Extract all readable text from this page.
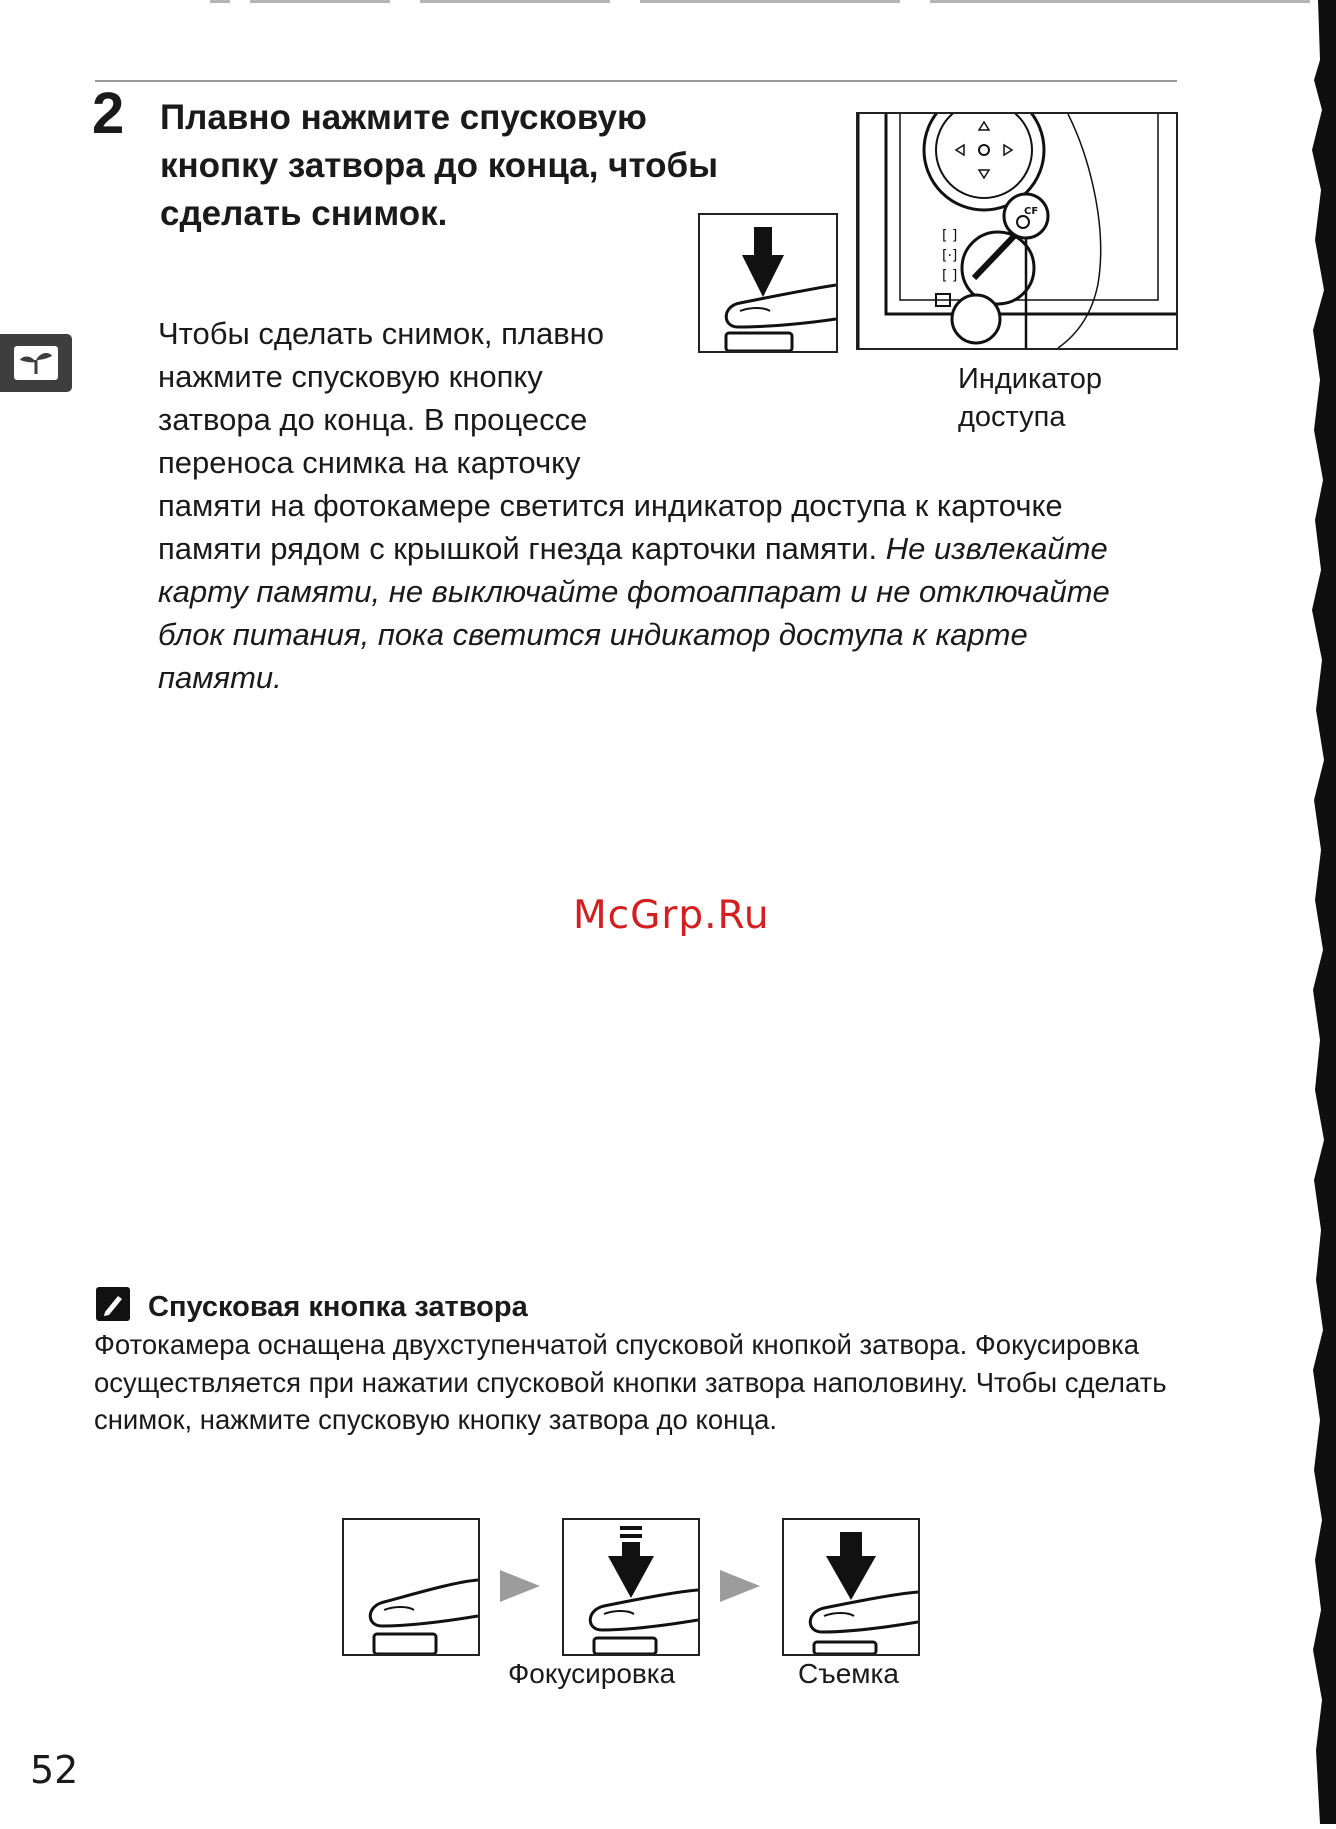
2 Плавно нажмите спусковую кнопку затвора до конца, чтобы сделать снимок.

Чтобы сделать снимок, плавно
нажмите спусковую кнопку
затвора до конца. В процессе
переноса снимка на карточку
памяти на фотокамере светится индикатор доступа к карточке памяти рядом с крышкой гнезда карточки памяти. Не извлекайте карту памяти, не выключайте фотоаппарат и не отключайте блок питания, пока светится индикатор доступа к карте памяти.

[ ]
[·]
[ ]
CF

Индикатор
доступа

McGrp.Ru
Спусковая кнопка затвора

Фотокамера оснащена двухступенчатой спусковой кнопкой затвора. Фокусировка осуществляется при нажатии спусковой кнопки затвора наполовину. Чтобы сделать снимок, нажмите спусковую кнопку затвора до конца.

Фокусировка	Съемка

52
